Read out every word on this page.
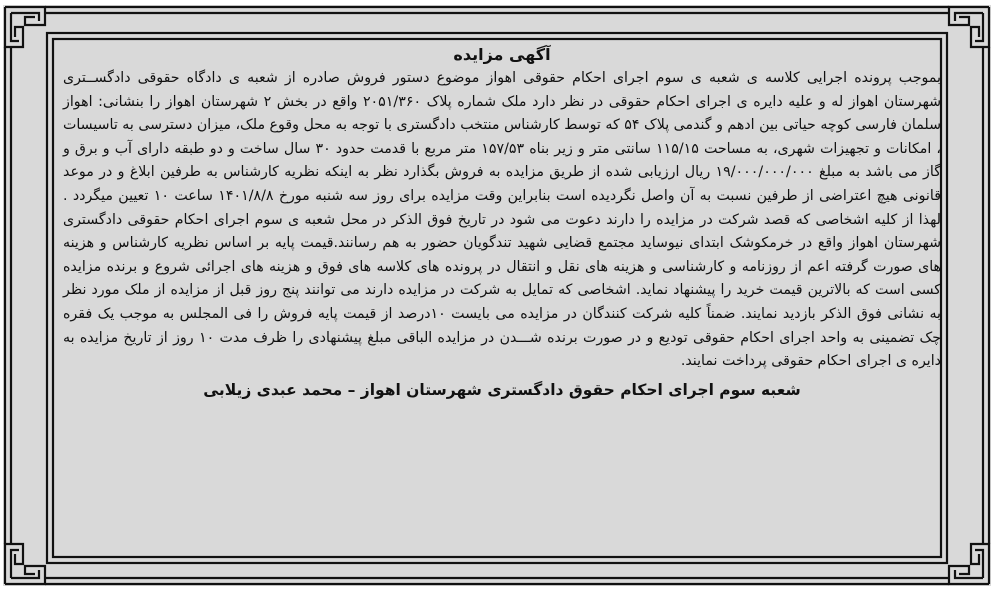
آگهی مزایده

بموجب پرونده اجرایی کلاسه ی شعبه ی سوم اجرای احکام حقوقی اهواز موضوع دستور فروش صادره از شعبه ی دادگاه حقوقی دادگســتری شهرستان اهواز له و علیه دایره ی اجرای احکام حقوقی در نظر دارد ملک شماره پلاک ۲۰۵۱/۳۶۰ واقع در بخش ۲ شهرستان اهواز را بنشانی: اهواز سلمان فارسی کوچه حیاتی بین ادهم و گندمی پلاک ۵۴ که توسط کارشناس منتخب دادگستری با توجه به محل وقوع ملک، میزان دسترسی به تاسیسات ، امکانات و تجهیزات شهری، به مساحت ۱۱۵/۱۵ سانتی متر و زیر بناه ۱۵۷/۵۳ متر مربع با قدمت حدود ۳۰ سال ساخت و دو طبقه دارای آب و برق و گاز می باشد به مبلغ ۱۹/۰۰۰/۰۰۰/۰۰۰ ریال ارزیابی شده از طریق مزایده به فروش بگذارد نظر به اینکه نظریه کارشناس به طرفین ابلاغ و در موعد قانونی هیچ اعتراضی از طرفین نسبت به آن واصل نگردیده است بنابراین وقت مزایده برای روز سه شنبه مورخ ۱۴۰۱/۸/۸ ساعت ۱۰ تعیین میگردد . لهذا از کلیه اشخاصی که قصد شرکت در مزایده را دارند دعوت می شود در تاریخ فوق الذکر در محل شعبه ی سوم اجرای احکام حقوقی دادگستری شهرستان اهواز واقع در خرمکوشک ابتدای نیوساید مجتمع قضایی شهید تندگویان حضور به هم رسانند.قیمت پایه بر اساس نظریه کارشناس و هزینه های صورت گرفته اعم از روزنامه و کارشناسی و هزینه های نقل و انتقال در پرونده های کلاسه های فوق و هزینه های اجرائی شروع و برنده مزایده کسی است که بالاترین قیمت خرید را پیشنهاد نماید. اشخاصی که تمایل به شرکت در مزایده دارند می توانند پنج روز قبل از مزایده از ملک مورد نظر به نشانی فوق الذکر بازدید نمایند. ضمناً کلیه شرکت کنندگان در مزایده می بایست ۱۰درصد از قیمت پایه فروش را فی المجلس به موجب یک فقره چک تضمینی به واحد اجرای احکام حقوقی تودیع و در صورت برنده شـــدن در مزایده الباقی مبلغ پیشنهادی را ظرف مدت ۱۰ روز از تاریخ مزایده به دایره ی اجرای احکام حقوقی پرداخت نمایند.

شعبه سوم اجرای احکام حقوق دادگستری شهرستان اهواز – محمد عبدی زیلابی
